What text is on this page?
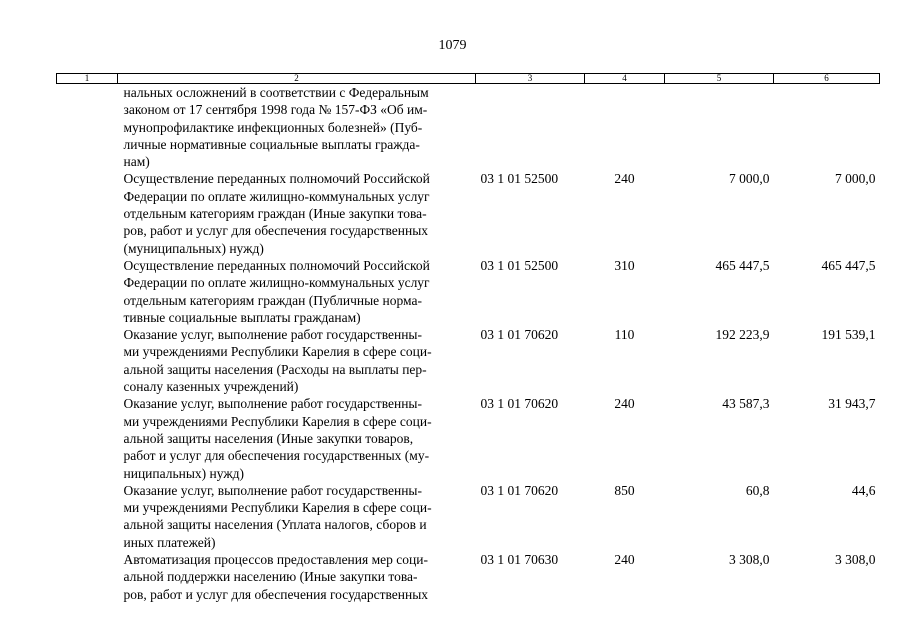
1079
1	2	3	4	5	6

	нальных осложнений в соответствии с Федеральным
законом от 17 сентября 1998 года № 157-ФЗ «Об им-
мунопрофилактике инфекционных болезней» (Пуб-
личные нормативные социальные выплаты гражда-
нам)				

	Осуществление переданных полномочий Российской
Федерации по оплате жилищно-коммунальных услуг
отдельным категориям граждан (Иные закупки това-
ров, работ и услуг для обеспечения государственных
(муниципальных) нужд)	03 1 01 52500	240	7 000,0	7 000,0

	Осуществление переданных полномочий Российской
Федерации по оплате жилищно-коммунальных услуг
отдельным категориям граждан (Публичные норма-
тивные социальные выплаты гражданам)	03 1 01 52500	310	465 447,5	465 447,5

	Оказание услуг, выполнение работ государственны-
ми учреждениями Республики Карелия в сфере соци-
альной защиты населения (Расходы на выплаты пер-
соналу казенных учреждений)	03 1 01 70620	110	192 223,9	191 539,1

	Оказание услуг, выполнение работ государственны-
ми учреждениями Республики Карелия в сфере соци-
альной защиты населения (Иные закупки товаров,
работ и услуг для обеспечения государственных (му-
ниципальных) нужд)	03 1 01 70620	240	43 587,3	31 943,7

	Оказание услуг, выполнение работ государственны-
ми учреждениями Республики Карелия в сфере соци-
альной защиты населения (Уплата налогов, сборов и
иных платежей)	03 1 01 70620	850	60,8	44,6

	Автоматизация процессов предоставления мер соци-
альной поддержки населению (Иные закупки това-
ров, работ и услуг для обеспечения государственных	03 1 01 70630	240	3 308,0	3 308,0
